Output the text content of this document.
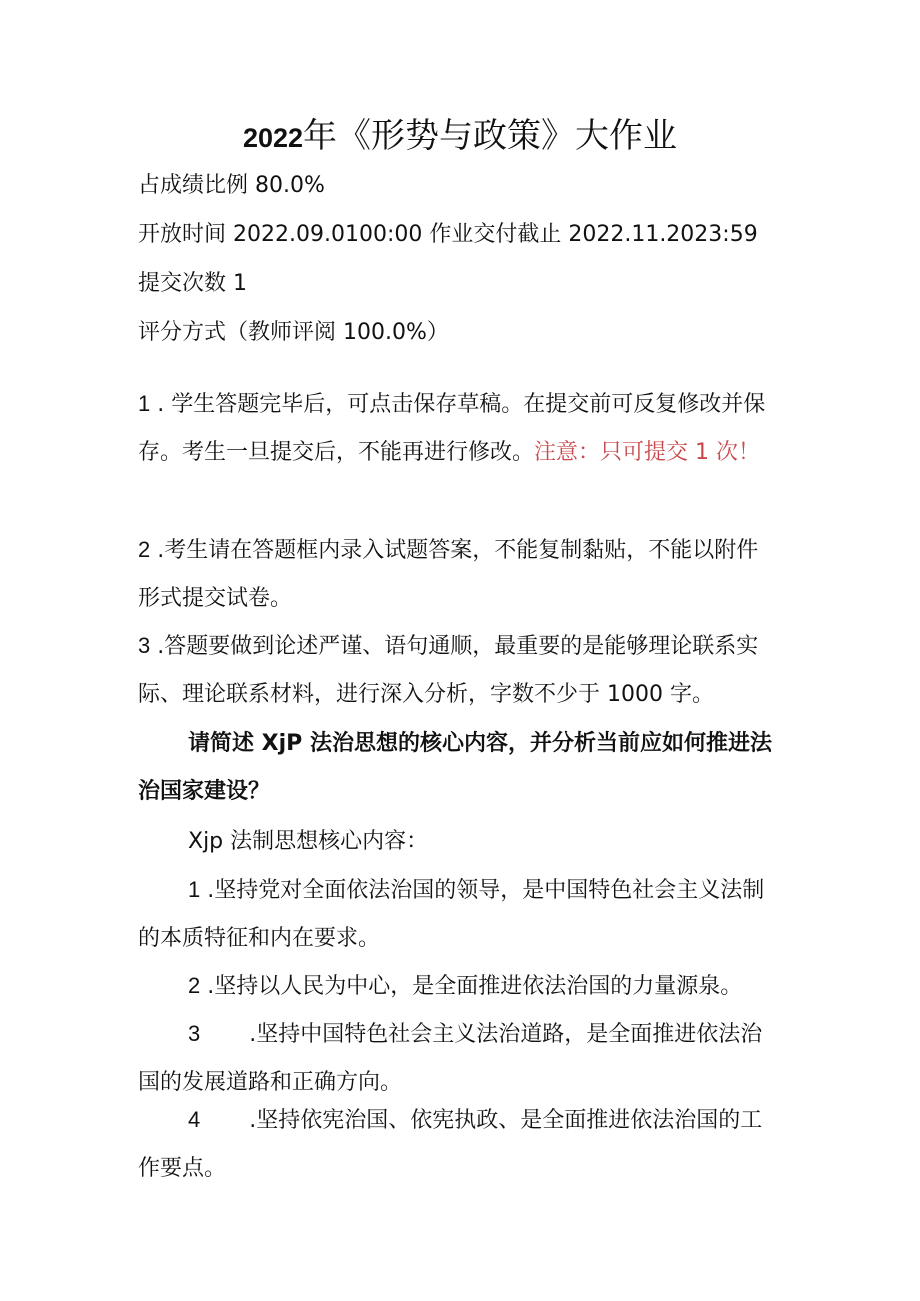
2022年《形势与政策》大作业
占成绩比例 80.0%
开放时间 2022.09.0100:00 作业交付截止 2022.11.2023:59
提交次数 1
评分方式（教师评阅 100.0%）
1 . 学生答题完毕后，可点击保存草稿。在提交前可反复修改并保存。考生一旦提交后，不能再进行修改。注意：只可提交 1 次！
2 .考生请在答题框内录入试题答案，不能复制黏贴，不能以附件形式提交试卷。
3 .答题要做到论述严谨、语句通顺，最重要的是能够理论联系实际、理论联系材料，进行深入分析，字数不少于 1000 字。
请简述 XjP 法治思想的核心内容，并分析当前应如何推进法治国家建设？
Xjp 法制思想核心内容：
1 .坚持党对全面依法治国的领导，是中国特色社会主义法制的本质特征和内在要求。
2 .坚持以人民为中心，是全面推进依法治国的力量源泉。
3       .坚持中国特色社会主义法治道路，是全面推进依法治国的发展道路和正确方向。
4       .坚持依宪治国、依宪执政、是全面推进依法治国的工作要点。
